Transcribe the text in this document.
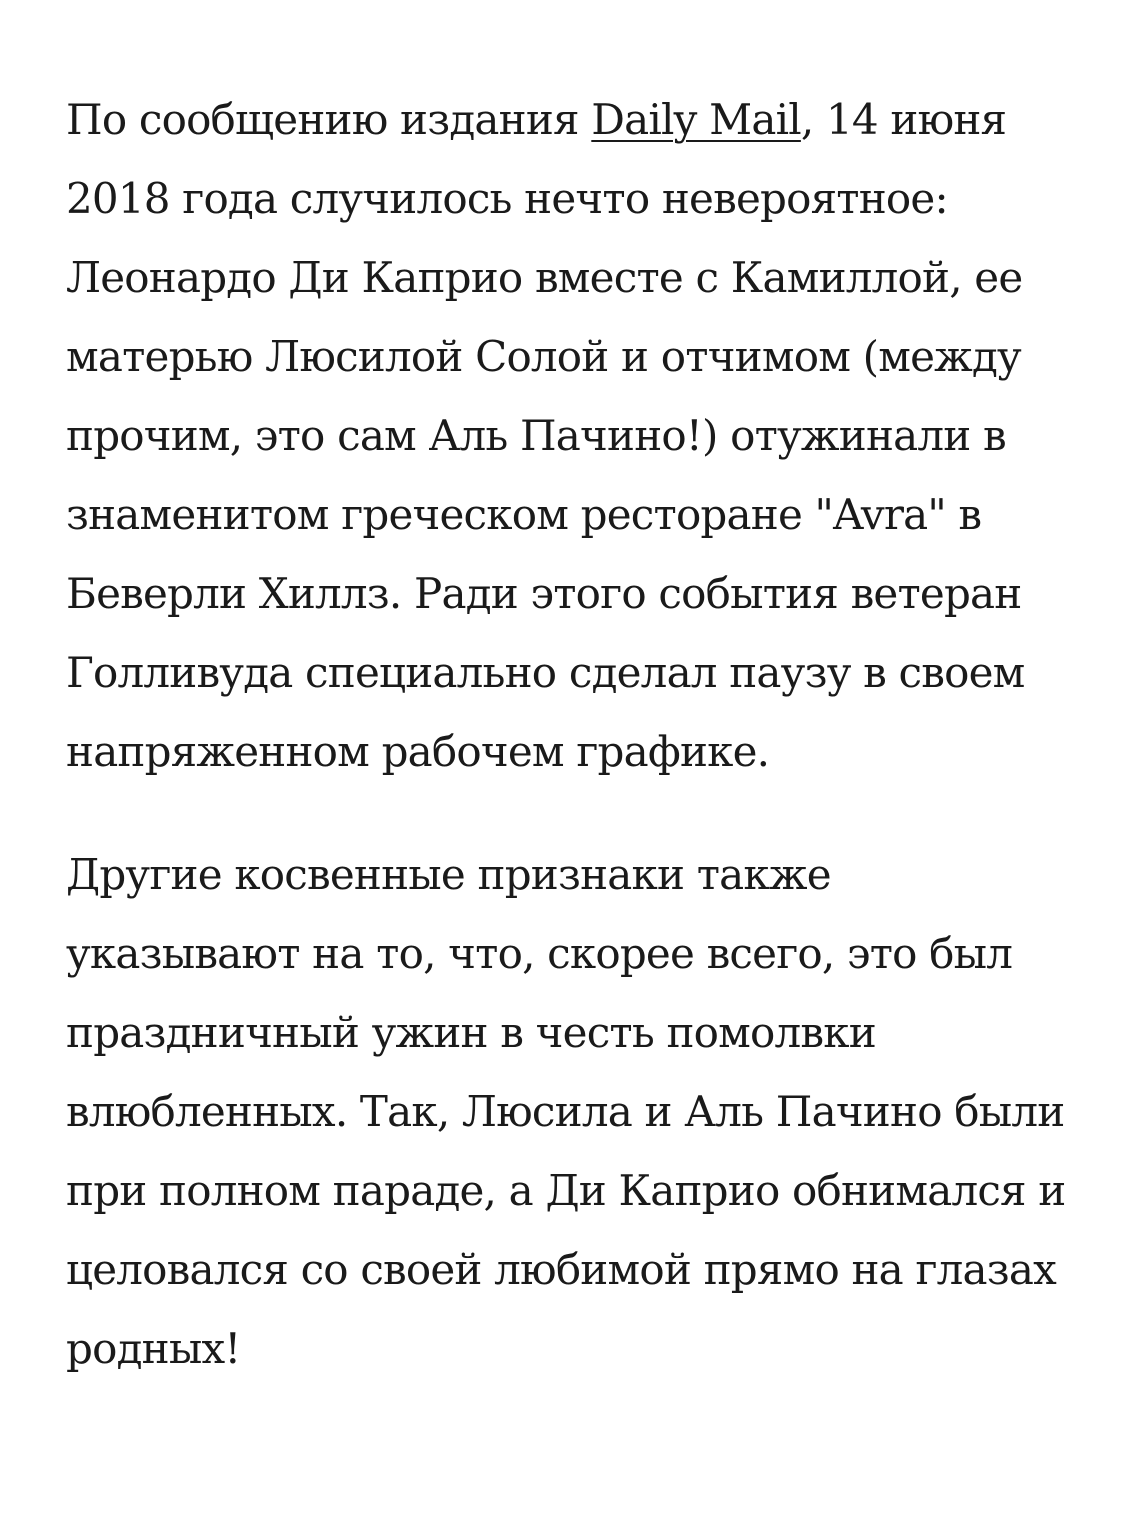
По сообщению издания Daily Mail, 14 июня 2018 года случилось нечто невероятное: Леонардо Ди Каприо вместе с Камиллой, ее матерью Люсилой Солой и отчимом (между прочим, это сам Аль Пачино!) отужинали в знаменитом греческом ресторане "Avra" в Беверли Хиллз. Ради этого события ветеран Голливуда специально сделал паузу в своем напряженном рабочем графике.

Другие косвенные признаки также указывают на то, что, скорее всего, это был праздничный ужин в честь помолвки влюбленных. Так, Люсила и Аль Пачино были при полном параде, а Ди Каприо обнимался и целовался со своей любимой прямо на глазах родных!
